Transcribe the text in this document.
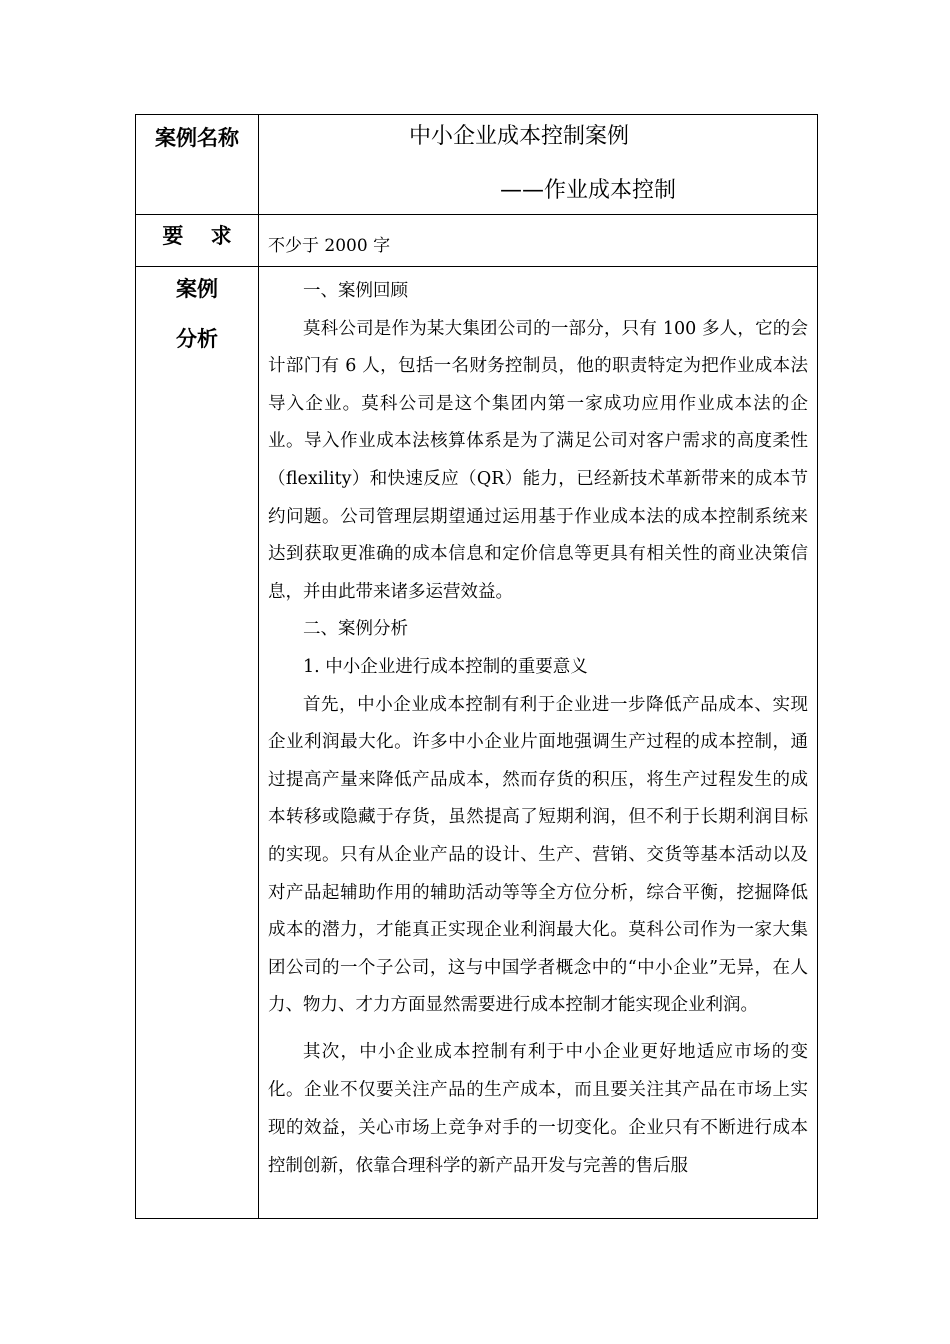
案例名称	中小企业成本控制案例
——作业成本控制
要 求	不少于 2000 字
案例
分析

一、案例回顾

莫科公司是作为某大集团公司的一部分，只有 100 多人，它的会计部门有 6 人，包括一名财务控制员，他的职责特定为把作业成本法导入企业。莫科公司是这个集团内第一家成功应用作业成本法的企业。导入作业成本法核算体系是为了满足公司对客户需求的高度柔性（flexility）和快速反应（QR）能力，已经新技术革新带来的成本节约问题。公司管理层期望通过运用基于作业成本法的成本控制系统来达到获取更准确的成本信息和定价信息等更具有相关性的商业决策信息，并由此带来诸多运营效益。

二、案例分析

1. 中小企业进行成本控制的重要意义

首先，中小企业成本控制有利于企业进一步降低产品成本、实现企业利润最大化。许多中小企业片面地强调生产过程的成本控制，通过提高产量来降低产品成本，然而存货的积压，将生产过程发生的成本转移或隐藏于存货，虽然提高了短期利润，但不利于长期利润目标的实现。只有从企业产品的设计、生产、营销、交货等基本活动以及对产品起辅助作用的辅助活动等等全方位分析，综合平衡，挖掘降低成本的潜力，才能真正实现企业利润最大化。莫科公司作为一家大集团公司的一个子公司，这与中国学者概念中的“中小企业”无异，在人力、物力、才力方面显然需要进行成本控制才能实现企业利润。

其次，中小企业成本控制有利于中小企业更好地适应市场的变化。企业不仅要关注产品的生产成本，而且要关注其产品在市场上实现的效益，关心市场上竞争对手的一切变化。企业只有不断进行成本控制创新，依靠合理科学的新产品开发与完善的售后服
